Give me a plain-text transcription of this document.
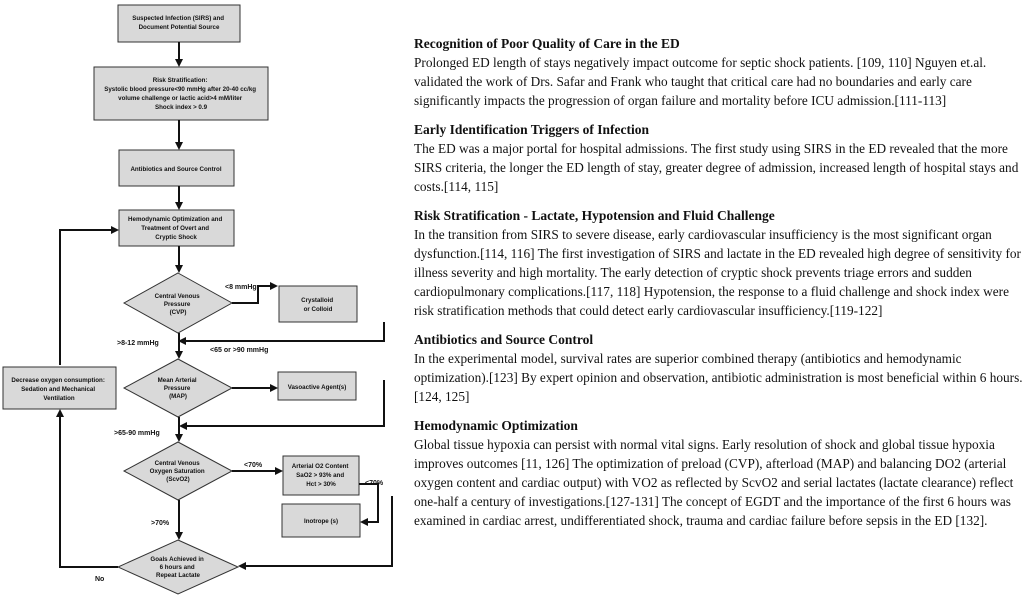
Suspected Infection (SIRS) and Document Potential Source
Risk Stratification: Systolic blood pressure<90 mmHg after 20-40 cc/kg volume challenge or lactic acid>4 mM/liter Shock index > 0.9
Antibiotics and Source Control
Hemodynamic Optimization and Treatment of Overt and Cryptic Shock
Central Venous Pressure (CVP)
Crystalloid or Colloid
Mean Arterial Pressure (MAP)
Vasoactive Agent(s)
Central Venous Oxygen Saturation (ScvO2)
Arterial O2 Content SaO2 > 93% and Hct > 30%
Inotrope (s)
Goals Achieved in 6 hours and Repeat Lactate
Decrease oxygen consumption: Sedation and Mechanical Ventilation
<8 mmHg
>8-12 mmHg
<65 or >90 mmHg
>65-90 mmHg
<70%
<70%
>70%
No
Recognition of Poor Quality of Care in the ED

Prolonged ED length of stays negatively impact outcome for septic shock patients. [109, 110] Nguyen et.al. validated the work of Drs. Safar and Frank who taught that critical care had no boundaries and early care significantly impacts the progression of organ failure and mortality before ICU admission.[111-113]

Early Identification Triggers of Infection

The ED was a major portal for hospital admissions. The first study using SIRS in the ED revealed that the more SIRS criteria, the longer the ED length of stay, greater degree of admission, increased length of hospital stays and costs.[114, 115]

Risk Stratification - Lactate, Hypotension and Fluid Challenge

In the transition from SIRS to severe disease, early cardiovascular insufficiency is the most significant organ dysfunction.[114, 116] The first investigation of SIRS and lactate in the ED revealed high degree of sensitivity for illness severity and high mortality. The early detection of cryptic shock prevents triage errors and sudden cardiopulmonary complications.[117, 118] Hypotension, the response to a fluid challenge and shock index were risk stratification methods that could detect early cardiovascular insufficiency.[119-122]

Antibiotics and Source Control

In the experimental model, survival rates are superior combined therapy (antibiotics and hemodynamic optimization).[123] By expert opinion and observation, antibiotic administration is most beneficial within 6 hours.[124, 125]

Hemodynamic Optimization

Global tissue hypoxia can persist with normal vital signs. Early resolution of shock and global tissue hypoxia improves outcomes [11, 126] The optimization of preload (CVP), afterload (MAP) and balancing DO2 (arterial oxygen content and cardiac output) with VO2 as reflected by ScvO2 and serial lactates (lactate clearance) reflect one-half a century of investigations.[127-131] The concept of EGDT and the importance of the first 6 hours was examined in cardiac arrest, undifferentiated shock, trauma and cardiac failure before sepsis in the ED [132].
